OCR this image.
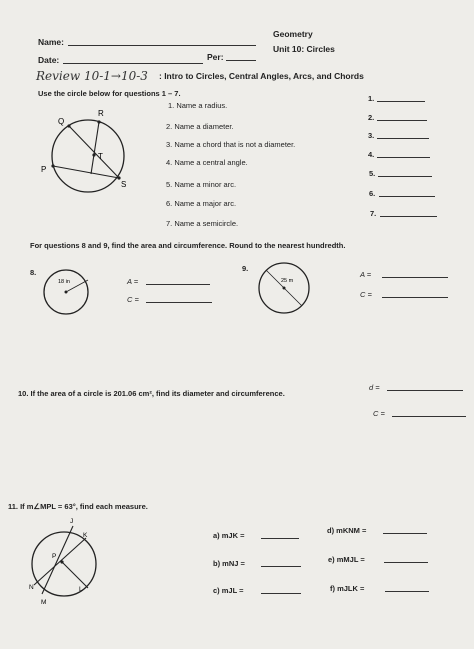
Name:
Date:	Per:
Geometry
Unit 10: Circles
Review 10-1→10-3 : Intro to Circles, Central Angles, Arcs, and Chords
Use the circle below for questions 1 – 7.
Q
R
T
P
S
1. Name a radius.
2. Name a diameter.
3. Name a chord that is not a diameter.
4. Name a central angle.
5. Name a minor arc.
6. Name a major arc.
7. Name a semicircle.
1.
2.
3.
4.
5.
6.
7.
For questions 8 and 9, find the area and circumference. Round to the nearest hundredth.
8.
18 in	A =
C =
9.
25 m
A =
C =
10. If the area of a circle is 201.06 cm², find its diameter and circumference.
d =
C =
11. If m∠MPL = 63°, find each measure.
J
K
P
N	L
M
a) mJK =
b) mNJ =
c) mJL =
d) mKNM =
e) mMJL =
f) mJLK =
